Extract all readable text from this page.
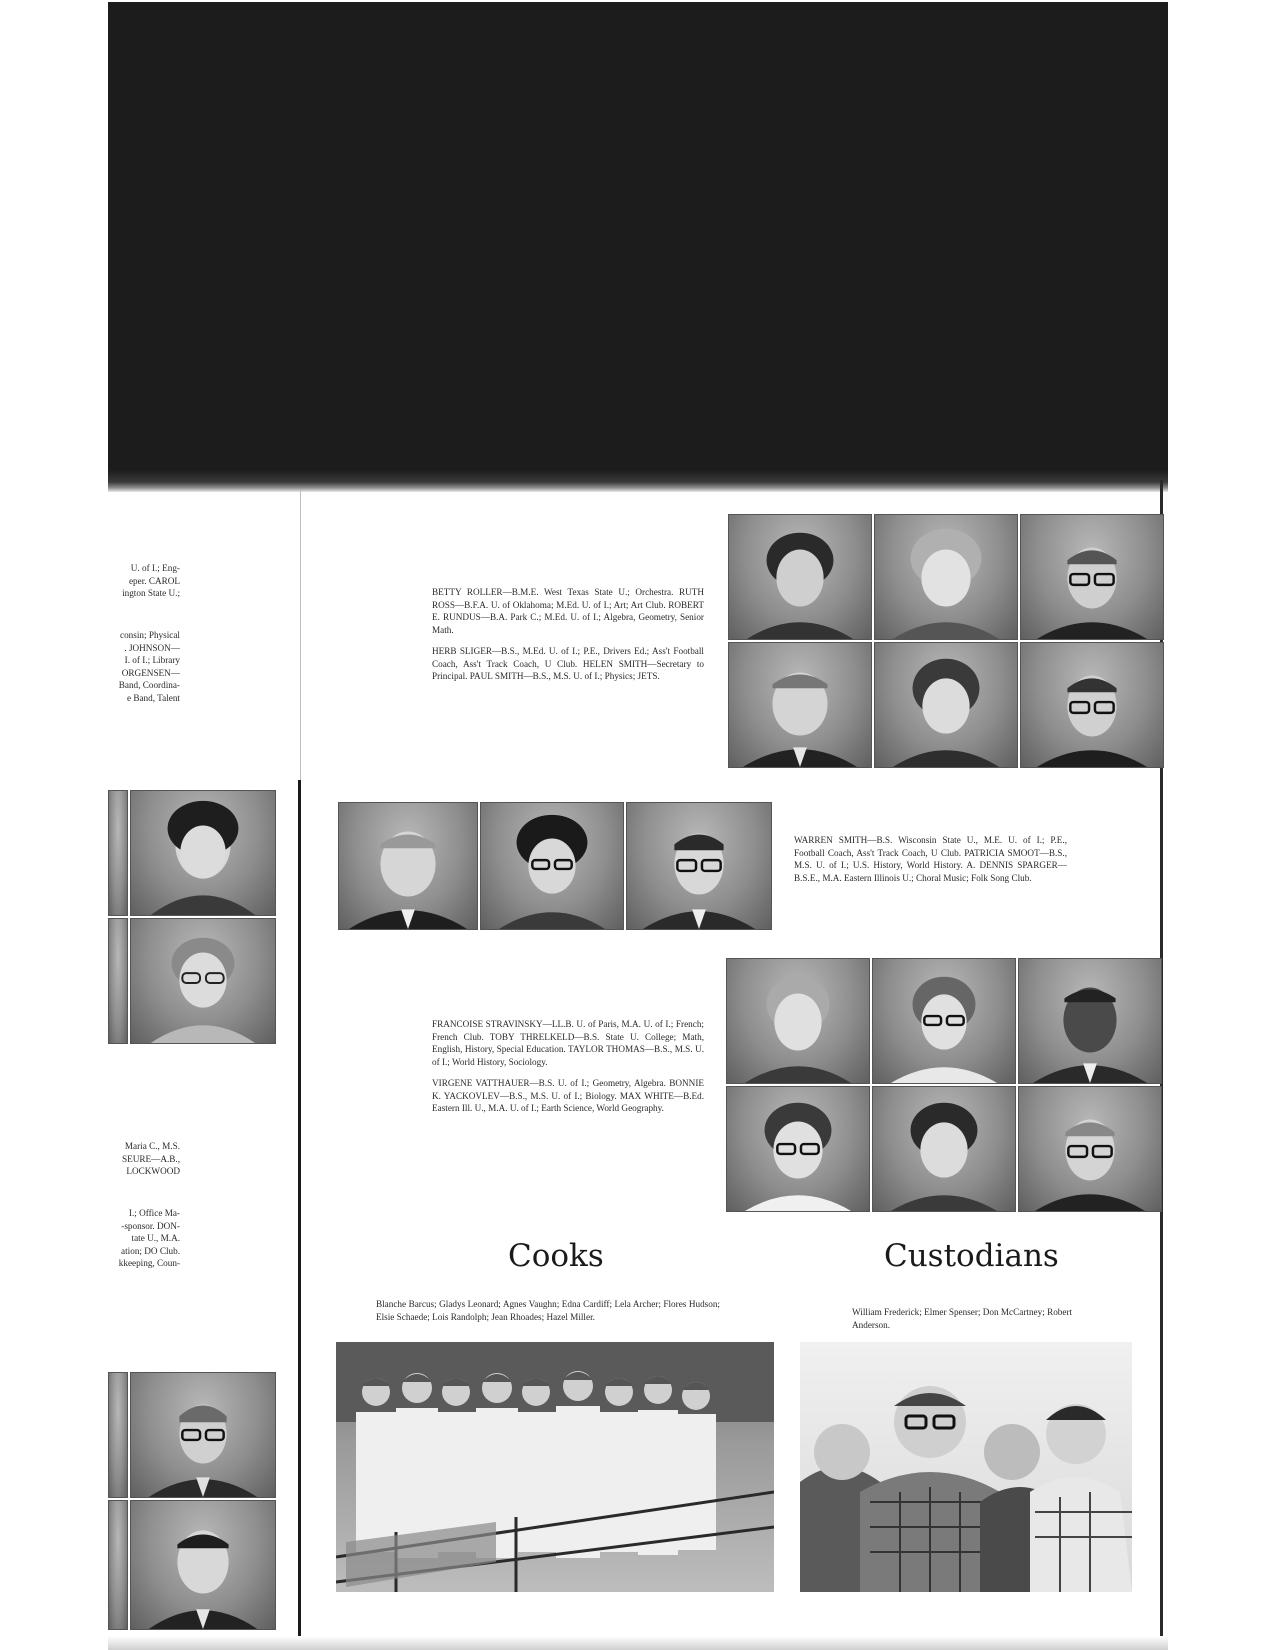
U. of I.; Eng-
eper. CAROL
ington State U.;
consin; Physical
. JOHNSON—
I. of I.; Library
ORGENSEN—
Band, Coordina-
e Band, Talent
Maria C., M.S.
SEURE—A.B.,
LOCKWOOD
I.; Office Ma-
-sponsor. DON-
tate U., M.A.
ation; DO Club.
kkeeping, Coun-

BETTY ROLLER—B.M.E. West Texas State U.; Orchestra. RUTH ROSS—B.F.A. U. of Oklahoma; M.Ed. U. of I.; Art; Art Club. ROBERT E. RUNDUS—B.A. Park C.; M.Ed. U. of I.; Algebra, Geometry, Senior Math.

HERB SLIGER—B.S., M.Ed. U. of I.; P.E., Drivers Ed.; Ass't Football Coach, Ass't Track Coach, U Club. HELEN SMITH—Secretary to Principal. PAUL SMITH—B.S., M.S. U. of I.; Physics; JETS.

WARREN SMITH—B.S. Wisconsin State U., M.E. U. of I.; P.E., Football Coach, Ass't Track Coach, U Club. PATRICIA SMOOT—B.S., M.S. U. of I.; U.S. History, World History. A. DENNIS SPARGER—B.S.E., M.A. Eastern Illinois U.; Choral Music; Folk Song Club.

FRANCOISE STRAVINSKY—LL.B. U. of Paris, M.A. U. of I.; French; French Club. TOBY THRELKELD—B.S. State U. College; Math, English, History, Special Education. TAYLOR THOMAS—B.S., M.S. U. of I.; World History, Sociology.

VIRGENE VATTHAUER—B.S. U. of I.; Geometry, Algebra. BONNIE K. YACKOVLEV—B.S., M.S. U. of I.; Biology. MAX WHITE—B.Ed. Eastern Ill. U., M.A. U. of I.; Earth Science, World Geography.

Cooks
Blanche Barcus; Gladys Leonard; Agnes Vaughn; Edna Cardiff; Lela Archer; Flores Hudson; Elsie Schaede; Lois Randolph; Jean Rhoades; Hazel Miller.
Custodians
William Frederick; Elmer Spenser; Don McCartney; Robert Anderson.
